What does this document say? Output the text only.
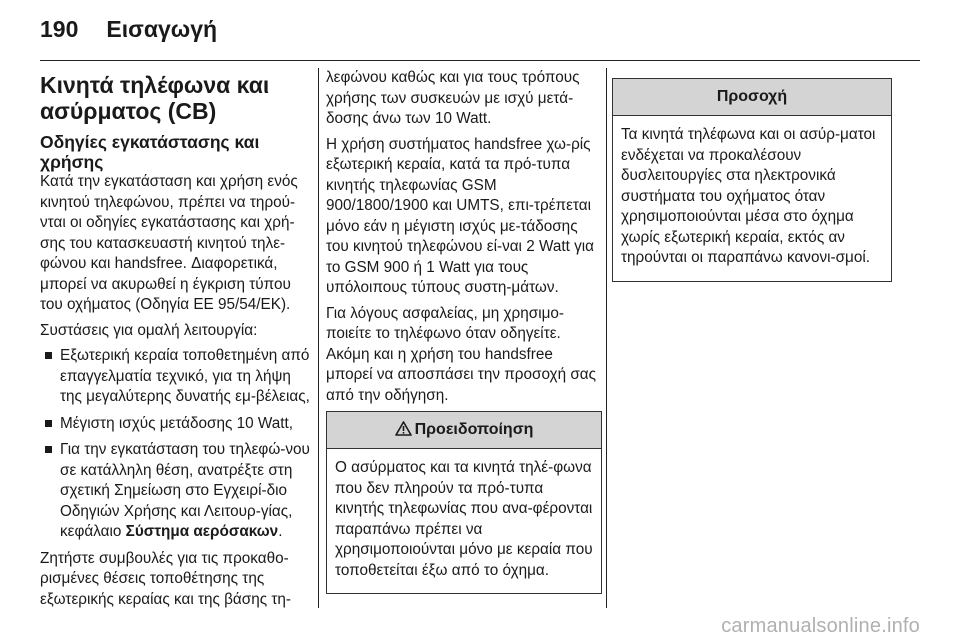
190 Εισαγωγή
Κινητά τηλέφωνα και ασύρματος (CB)
Οδηγίες εγκατάστασης και χρήσης

Κατά την εγκατάσταση και χρήση ενός κινητού τηλεφώνου, πρέπει να τηρού-νται οι οδηγίες εγκατάστασης και χρή-σης του κατασκευαστή κινητού τηλε-φώνου και handsfree. Διαφορετικά, μπορεί να ακυρωθεί η έγκριση τύπου του οχήματος (Οδηγία ΕΕ 95/54/ΕΚ).

Συστάσεις για ομαλή λειτουργία:

Εξωτερική κεραία τοποθετημένη από επαγγελματία τεχνικό, για τη λήψη της μεγαλύτερης δυνατής εμ-βέλειας,
Μέγιστη ισχύς μετάδοσης 10 Watt,
Για την εγκατάσταση του τηλεφώ-νου σε κατάλληλη θέση, ανατρέξτε στη σχετική Σημείωση στο Εγχειρί-διο Οδηγιών Χρήσης και Λειτουρ-γίας, κεφάλαιο Σύστημα αερόσακων.

Ζητήστε συμβουλές για τις προκαθο-ρισμένες θέσεις τοποθέτησης της εξωτερικής κεραίας και της βάσης τη-

λεφώνου καθώς και για τους τρόπους χρήσης των συσκευών με ισχύ μετά-δοσης άνω των 10 Watt.

Η χρήση συστήματος handsfree χω-ρίς εξωτερική κεραία, κατά τα πρό-τυπα κινητής τηλεφωνίας GSM 900/1800/1900 και UMTS, επι-τρέπεται μόνο εάν η μέγιστη ισχύς με-τάδοσης του κινητού τηλεφώνου εί-ναι 2 Watt για το GSM 900 ή 1 Watt για τους υπόλοιπους τύπους συστη-μάτων.

Για λόγους ασφαλείας, μη χρησιμο-ποιείτε το τηλέφωνο όταν οδηγείτε. Ακόμη και η χρήση του handsfree μπορεί να αποσπάσει την προσοχή σας από την οδήγηση.

Προειδοποίηση
Ο ασύρματος και τα κινητά τηλέ-φωνα που δεν πληρούν τα πρό-τυπα κινητής τηλεφωνίας που ανα-φέρονται παραπάνω πρέπει να χρησιμοποιούνται μόνο με κεραία που τοποθετείται έξω από το όχημα.
Προσοχή
Τα κινητά τηλέφωνα και οι ασύρ-ματοι ενδέχεται να προκαλέσουν δυσλειτουργίες στα ηλεκτρονικά συστήματα του οχήματος όταν χρησιμοποιούνται μέσα στο όχημα χωρίς εξωτερική κεραία, εκτός αν τηρούνται οι παραπάνω κανονι-σμοί.
carmanualsonline.info
